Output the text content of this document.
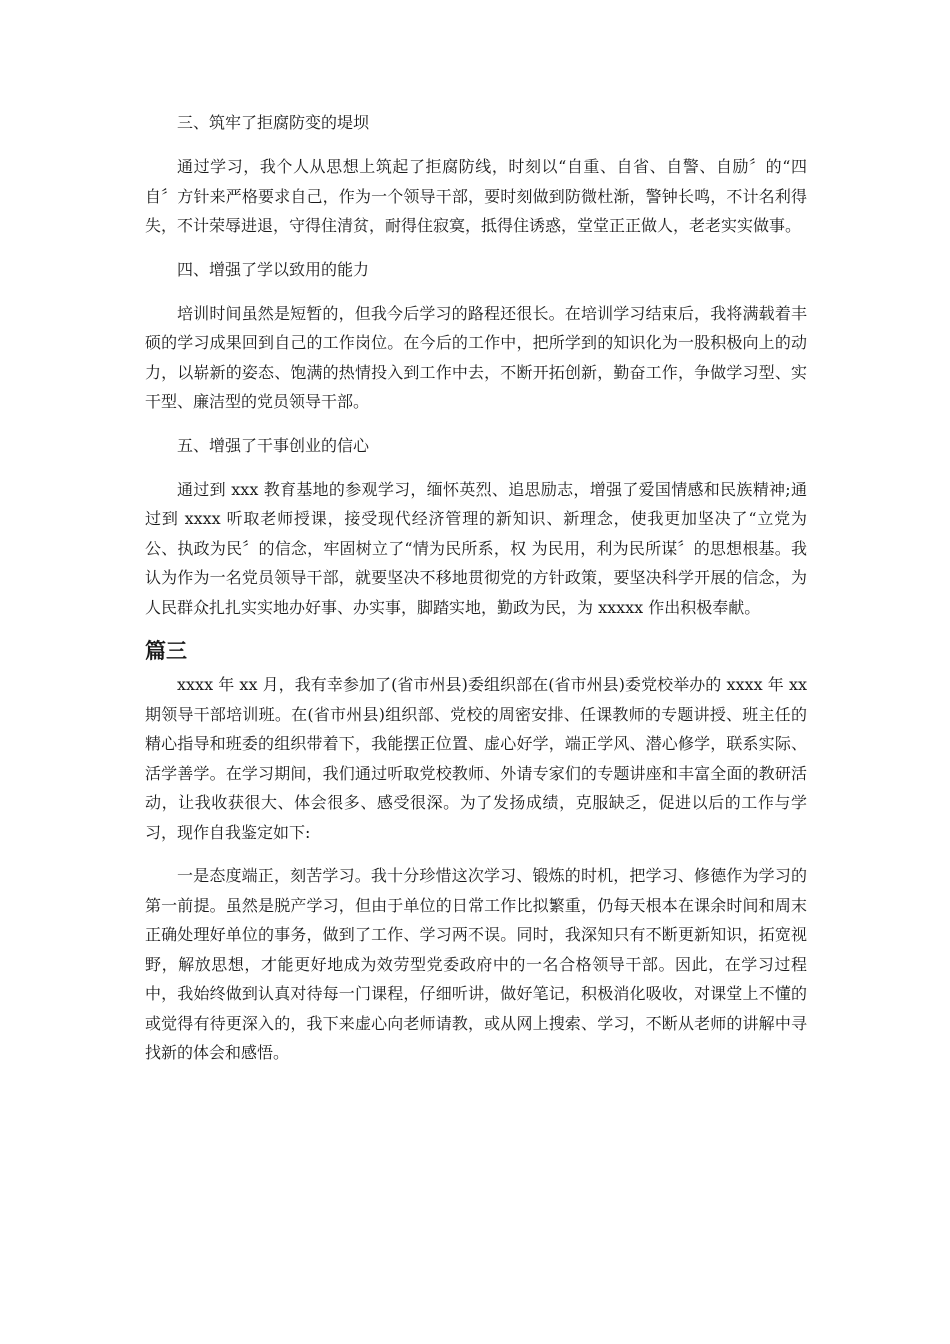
三、筑牢了拒腐防变的堤坝

通过学习，我个人从思想上筑起了拒腐防线，时刻以“自重、自省、自警、自励〞的“四自〞方针来严格要求自己，作为一个领导干部，要时刻做到防微杜渐，警钟长鸣，不计名利得失，不计荣辱进退，守得住清贫，耐得住寂寞，抵得住诱惑，堂堂正正做人，老老实实做事。

四、增强了学以致用的能力

培训时间虽然是短暂的，但我今后学习的路程还很长。在培训学习结束后，我将满载着丰硕的学习成果回到自己的工作岗位。在今后的工作中，把所学到的知识化为一股积极向上的动力，以崭新的姿态、饱满的热情投入到工作中去，不断开拓创新，勤奋工作，争做学习型、实干型、廉洁型的党员领导干部。

五、增强了干事创业的信心

通过到 xxx 教育基地的参观学习，缅怀英烈、追思励志，增强了爱国情感和民族精神;通过到 xxxx 听取老师授课，接受现代经济管理的新知识、新理念，使我更加坚决了“立党为公、执政为民〞的信念，牢固树立了“情为民所系，权 为民用，利为民所谋〞的思想根基。我认为作为一名党员领导干部，就要坚决不移地贯彻党的方针政策，要坚决科学开展的信念，为人民群众扎扎实实地办好事、办实事，脚踏实地，勤政为民，为 xxxxx 作出积极奉献。

篇三

xxxx 年 xx 月，我有幸参加了(省市州县)委组织部在(省市州县)委党校举办的 xxxx 年 xx 期领导干部培训班。在(省市州县)组织部、党校的周密安排、任课教师的专题讲授、班主任的精心指导和班委的组织带着下，我能摆正位置、虚心好学，端正学风、潜心修学，联系实际、活学善学。在学习期间，我们通过听取党校教师、外请专家们的专题讲座和丰富全面的教研活动，让我收获很大、体会很多、感受很深。为了发扬成绩，克服缺乏，促进以后的工作与学习，现作自我鉴定如下:

一是态度端正，刻苦学习。我十分珍惜这次学习、锻炼的时机，把学习、修德作为学习的第一前提。虽然是脱产学习，但由于单位的日常工作比拟繁重，仍每天根本在课余时间和周末正确处理好单位的事务，做到了工作、学习两不误。同时，我深知只有不断更新知识，拓宽视野，解放思想，才能更好地成为效劳型党委政府中的一名合格领导干部。因此，在学习过程中，我始终做到认真对待每一门课程，仔细听讲，做好笔记，积极消化吸收，对课堂上不懂的或觉得有待更深入的，我下来虚心向老师请教，或从网上搜索、学习，不断从老师的讲解中寻找新的体会和感悟。
